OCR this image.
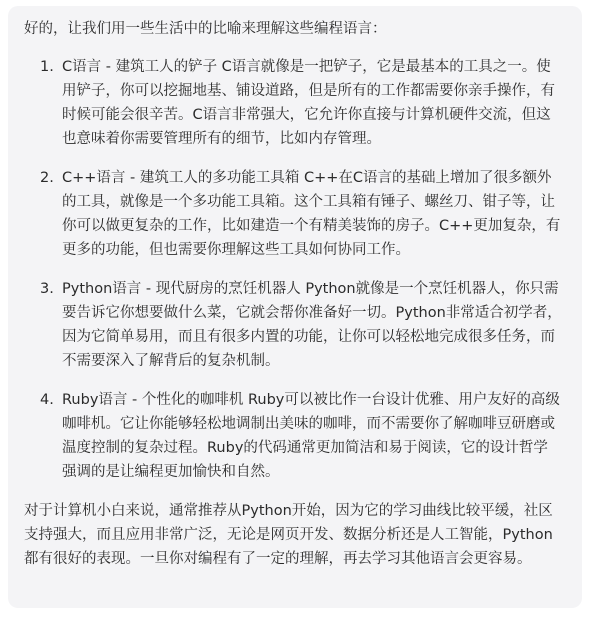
好的，让我们用一些生活中的比喻来理解这些编程语言：

1. C语言 - 建筑工人的铲子 C语言就像是一把铲子，它是最基本的工具之一。使用铲子，你可以挖掘地基、铺设道路，但是所有的工作都需要你亲手操作，有时候可能会很辛苦。C语言非常强大，它允许你直接与计算机硬件交流，但这也意味着你需要管理所有的细节，比如内存管理。
2. C++语言 - 建筑工人的多功能工具箱 C++在C语言的基础上增加了很多额外的工具，就像是一个多功能工具箱。这个工具箱有锤子、螺丝刀、钳子等，让你可以做更复杂的工作，比如建造一个有精美装饰的房子。C++更加复杂，有更多的功能，但也需要你理解这些工具如何协同工作。
3. Python语言 - 现代厨房的烹饪机器人 Python就像是一个烹饪机器人，你只需要告诉它你想要做什么菜，它就会帮你准备好一切。Python非常适合初学者，因为它简单易用，而且有很多内置的功能，让你可以轻松地完成很多任务，而不需要深入了解背后的复杂机制。
4. Ruby语言 - 个性化的咖啡机 Ruby可以被比作一台设计优雅、用户友好的高级咖啡机。它让你能够轻松地调制出美味的咖啡，而不需要你了解咖啡豆研磨或温度控制的复杂过程。Ruby的代码通常更加简洁和易于阅读，它的设计哲学强调的是让编程更加愉快和自然。

对于计算机小白来说，通常推荐从Python开始，因为它的学习曲线比较平缓，社区支持强大，而且应用非常广泛，无论是网页开发、数据分析还是人工智能，Python都有很好的表现。一旦你对编程有了一定的理解，再去学习其他语言会更容易。
